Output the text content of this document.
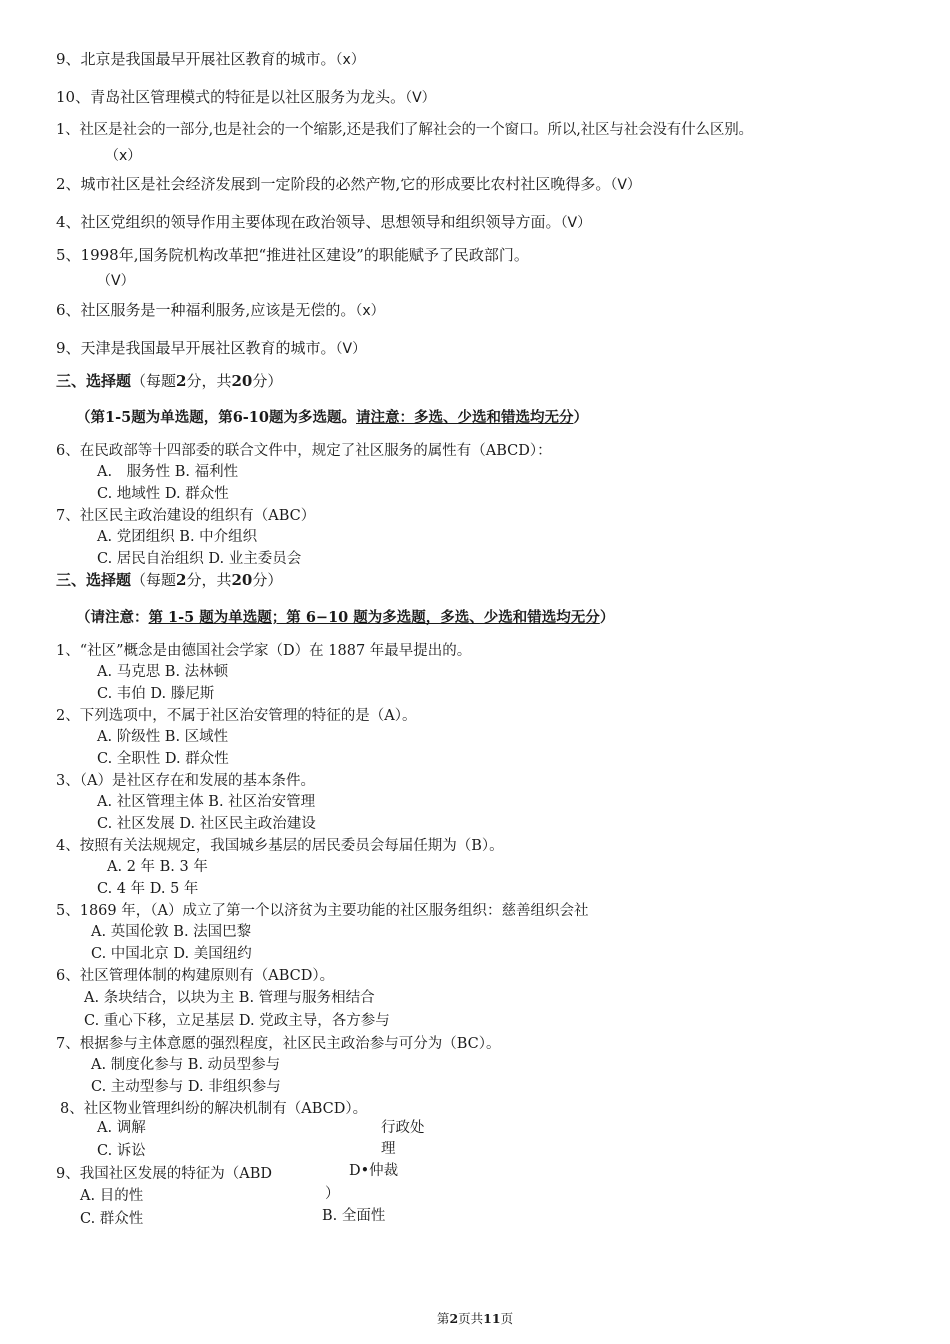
9、北京是我国最早开展社区教育的城市。（x）
10、青岛社区管理模式的特征是以社区服务为龙头。（V）
1、社区是社会的一部分,也是社会的一个缩影,还是我们了解社会的一个窗口。所以,社区与社会没有什么区别。
（x）
2、城市社区是社会经济发展到一定阶段的必然产物,它的形成要比农村社区晚得多。（V）
4、社区党组织的领导作用主要体现在政治领导、思想领导和组织领导方面。（V）
5、1998年,国务院机构改革把“推进社区建设”的职能赋予了民政部门。
（V）
6、社区服务是一种福利服务,应该是无偿的。（x）
9、天津是我国最早开展社区教育的城市。（V）
三、选择题（每题2分，共20分）
（第1-5题为单选题，第6-10题为多选题。请注意：多选、少选和错选均无分）
6、在民政部等十四部委的联合文件中，规定了社区服务的属性有（ABCD）：
A.　服务性 B. 福利性
C. 地域性 D. 群众性
7、社区民主政治建设的组织有（ABC）
A. 党团组织 B. 中介组织
C. 居民自治组织 D. 业主委员会
三、选择题（每题2分，共20分）
（请注意：第 1-5 题为单选题；第 6−10 题为多选题，多选、少选和错选均无分）
1、“社区”概念是由德国社会学家（D）在 1887 年最早提出的。
A. 马克思 B. 法林顿
C. 韦伯 D. 滕尼斯
2、下列选项中，不属于社区治安管理的特征的是（A）。
A. 阶级性 B. 区域性
C. 全职性 D. 群众性
3、（A）是社区存在和发展的基本条件。
A. 社区管理主体 B. 社区治安管理
C. 社区发展 D. 社区民主政治建设
4、按照有关法规规定，我国城乡基层的居民委员会每届任期为（B）。
A. 2 年 B. 3 年
C. 4 年 D. 5 年
5、1869 年，（A）成立了第一个以济贫为主要功能的社区服务组织：慈善组织会社
A. 英国伦敦 B. 法国巴黎
C. 中国北京 D. 美国纽约
6、社区管理体制的构建原则有（ABCD）。
A. 条块结合，以块为主 B. 管理与服务相结合
C. 重心下移，立足基层 D. 党政主导，各方参与
7、根据参与主体意愿的强烈程度，社区民主政治参与可分为（BC）。
A. 制度化参与 B. 动员型参与
C. 主动型参与 D. 非组织参与
8、社区物业管理纠纷的解决机制有（ABCD）。
A. 调解	行政处
理
C. 诉讼
D•仲裁
9、我国社区发展的特征为（ABD
）
A. 目的性
B. 全面性
C. 群众性
第2页共11页
